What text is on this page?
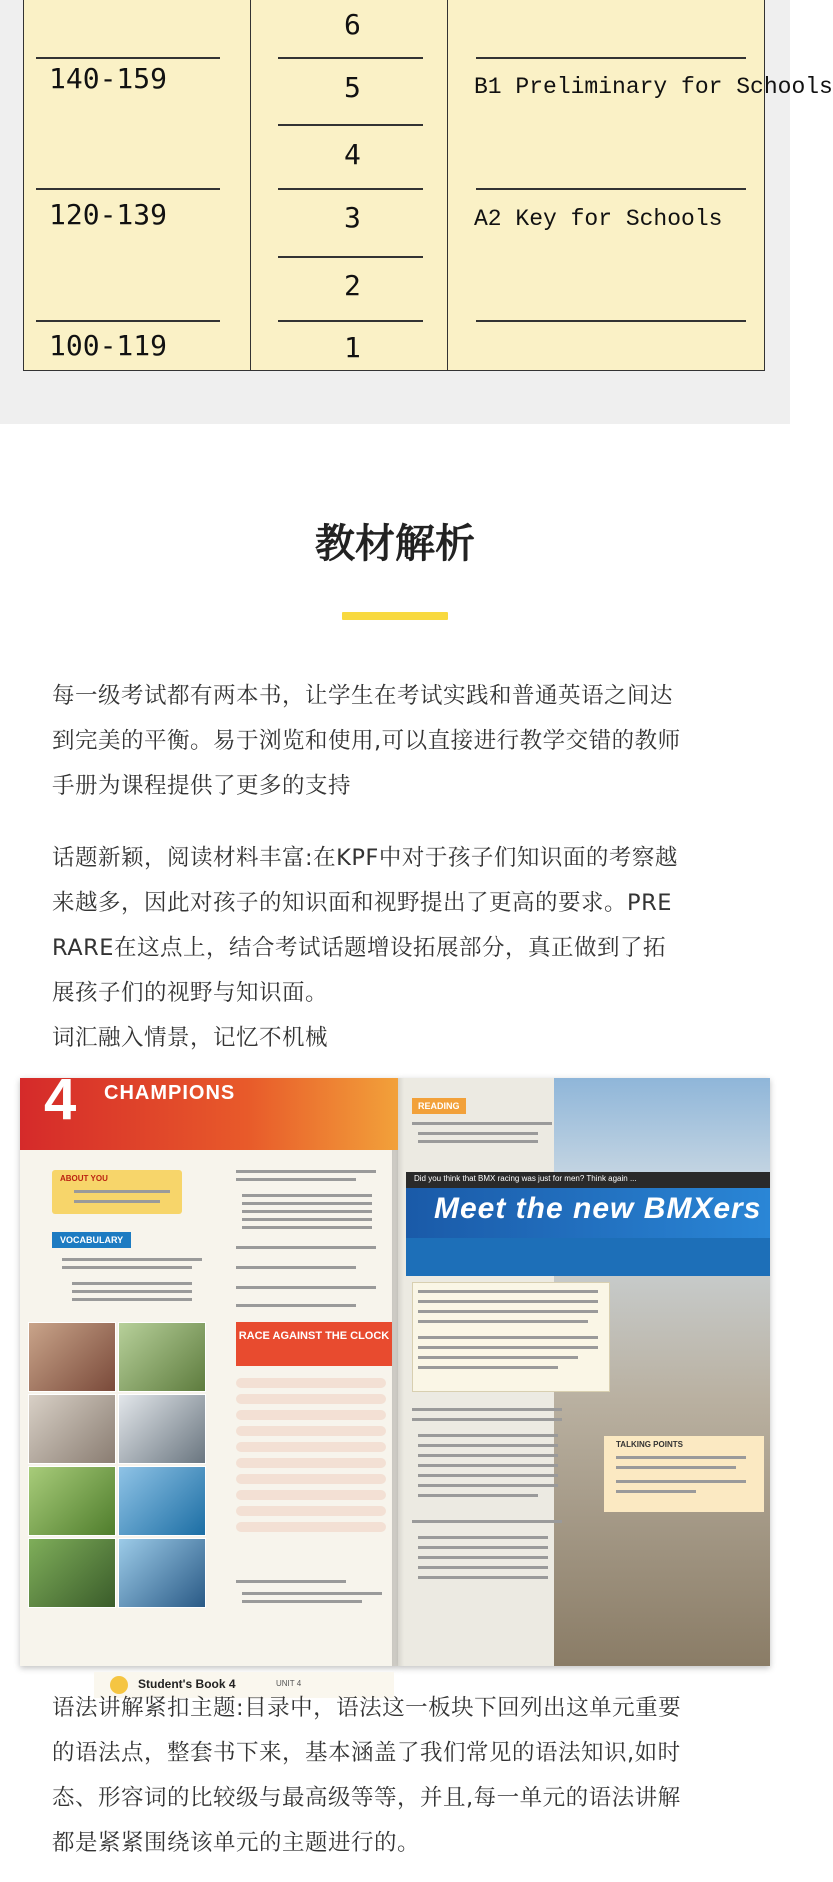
140-159
120-139
100-119
6
5
4
3
2
1
B1 Preliminary for Schools
A2 Key for Schools
教材解析
每一级考试都有两本书，让学生在考试实践和普通英语之间达
到完美的平衡。易于浏览和使用,可以直接进行教学交错的教师
手册为课程提供了更多的支持
话题新颖，阅读材料丰富:在KPF中对于孩子们知识面的考察越
来越多，因此对孩子的知识面和视野提出了更高的要求。PRE
RARE在这点上，结合考试话题增设拓展部分，真正做到了拓
展孩子们的视野与知识面。
词汇融入情景，记忆不机械
4 CHAMPIONS
ABOUT YOU
VOCABULARY
RACE AGAINST THE CLOCK
READING
Did you think that BMX racing was just for men? Think again ...
Meet the new BMXers
TALKING POINTS
Student's Book 4	UNIT 4
语法讲解紧扣主题:目录中，语法这一板块下回列出这单元重要
的语法点，整套书下来，基本涵盖了我们常见的语法知识,如时
态、形容词的比较级与最高级等等，并且,每一单元的语法讲解
都是紧紧围绕该单元的主题进行的。
